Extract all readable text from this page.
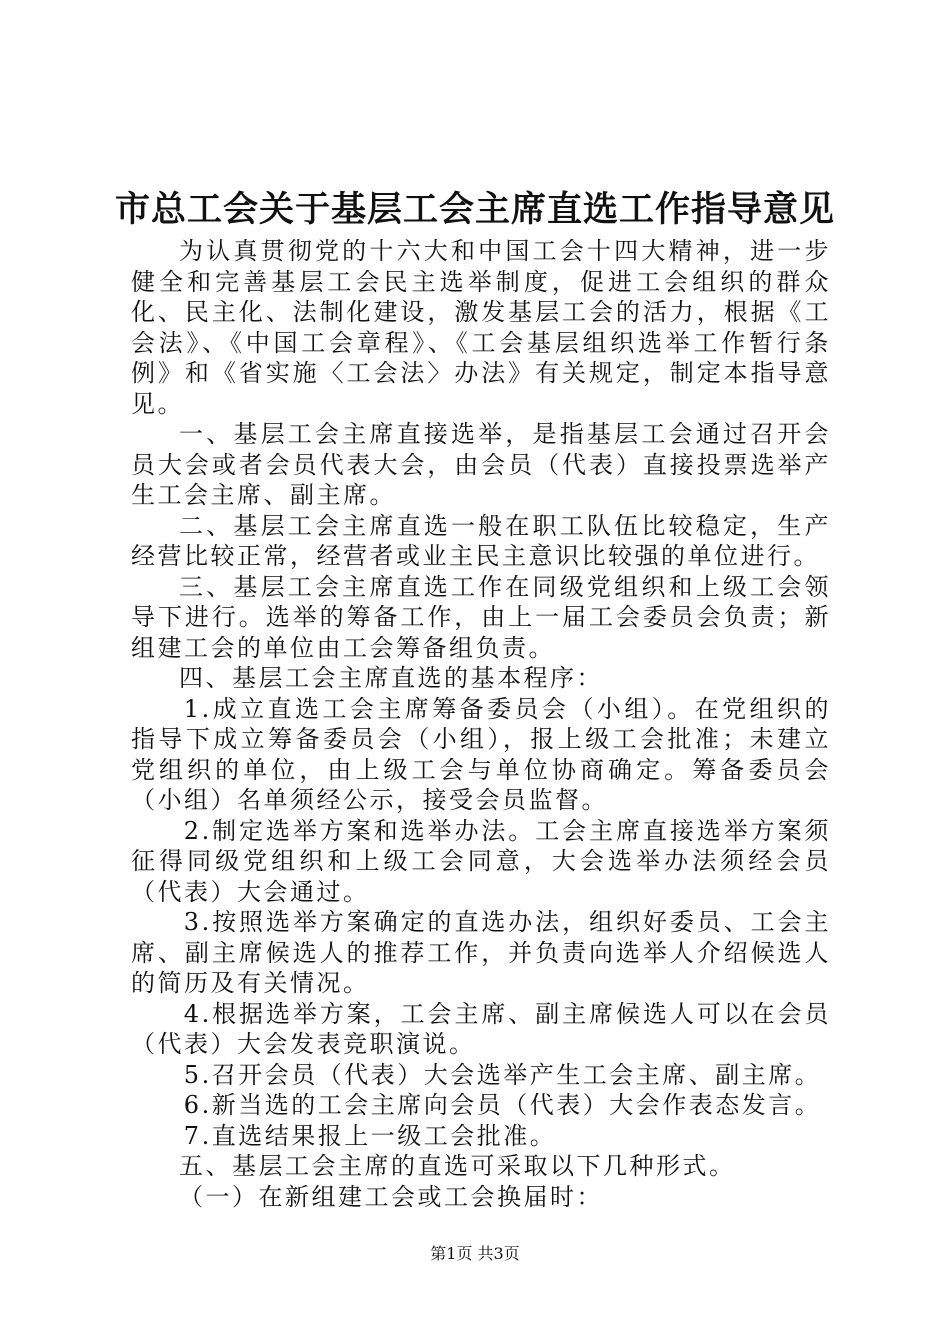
市总工会关于基层工会主席直选工作指导意见

为认真贯彻党的十六大和中国工会十四大精神，进一步健全和完善基层工会民主选举制度，促进工会组织的群众化、民主化、法制化建设，激发基层工会的活力，根据《工会法》、《中国工会章程》、《工会基层组织选举工作暂行条例》和《省实施〈工会法〉办法》有关规定，制定本指导意见。

一、基层工会主席直接选举，是指基层工会通过召开会员大会或者会员代表大会，由会员（代表）直接投票选举产生工会主席、副主席。

二、基层工会主席直选一般在职工队伍比较稳定，生产经营比较正常，经营者或业主民主意识比较强的单位进行。

三、基层工会主席直选工作在同级党组织和上级工会领导下进行。选举的筹备工作，由上一届工会委员会负责；新组建工会的单位由工会筹备组负责。

四、基层工会主席直选的基本程序：

1.成立直选工会主席筹备委员会（小组）。在党组织的指导下成立筹备委员会（小组），报上级工会批准；未建立党组织的单位，由上级工会与单位协商确定。筹备委员会（小组）名单须经公示，接受会员监督。

2.制定选举方案和选举办法。工会主席直接选举方案须征得同级党组织和上级工会同意，大会选举办法须经会员（代表）大会通过。

3.按照选举方案确定的直选办法，组织好委员、工会主席、副主席候选人的推荐工作，并负责向选举人介绍候选人的简历及有关情况。

4.根据选举方案，工会主席、副主席候选人可以在会员（代表）大会发表竞职演说。

5.召开会员（代表）大会选举产生工会主席、副主席。

6.新当选的工会主席向会员（代表）大会作表态发言。

7.直选结果报上一级工会批准。

五、基层工会主席的直选可采取以下几种形式。

（一）在新组建工会或工会换届时：

第1页 共3页
